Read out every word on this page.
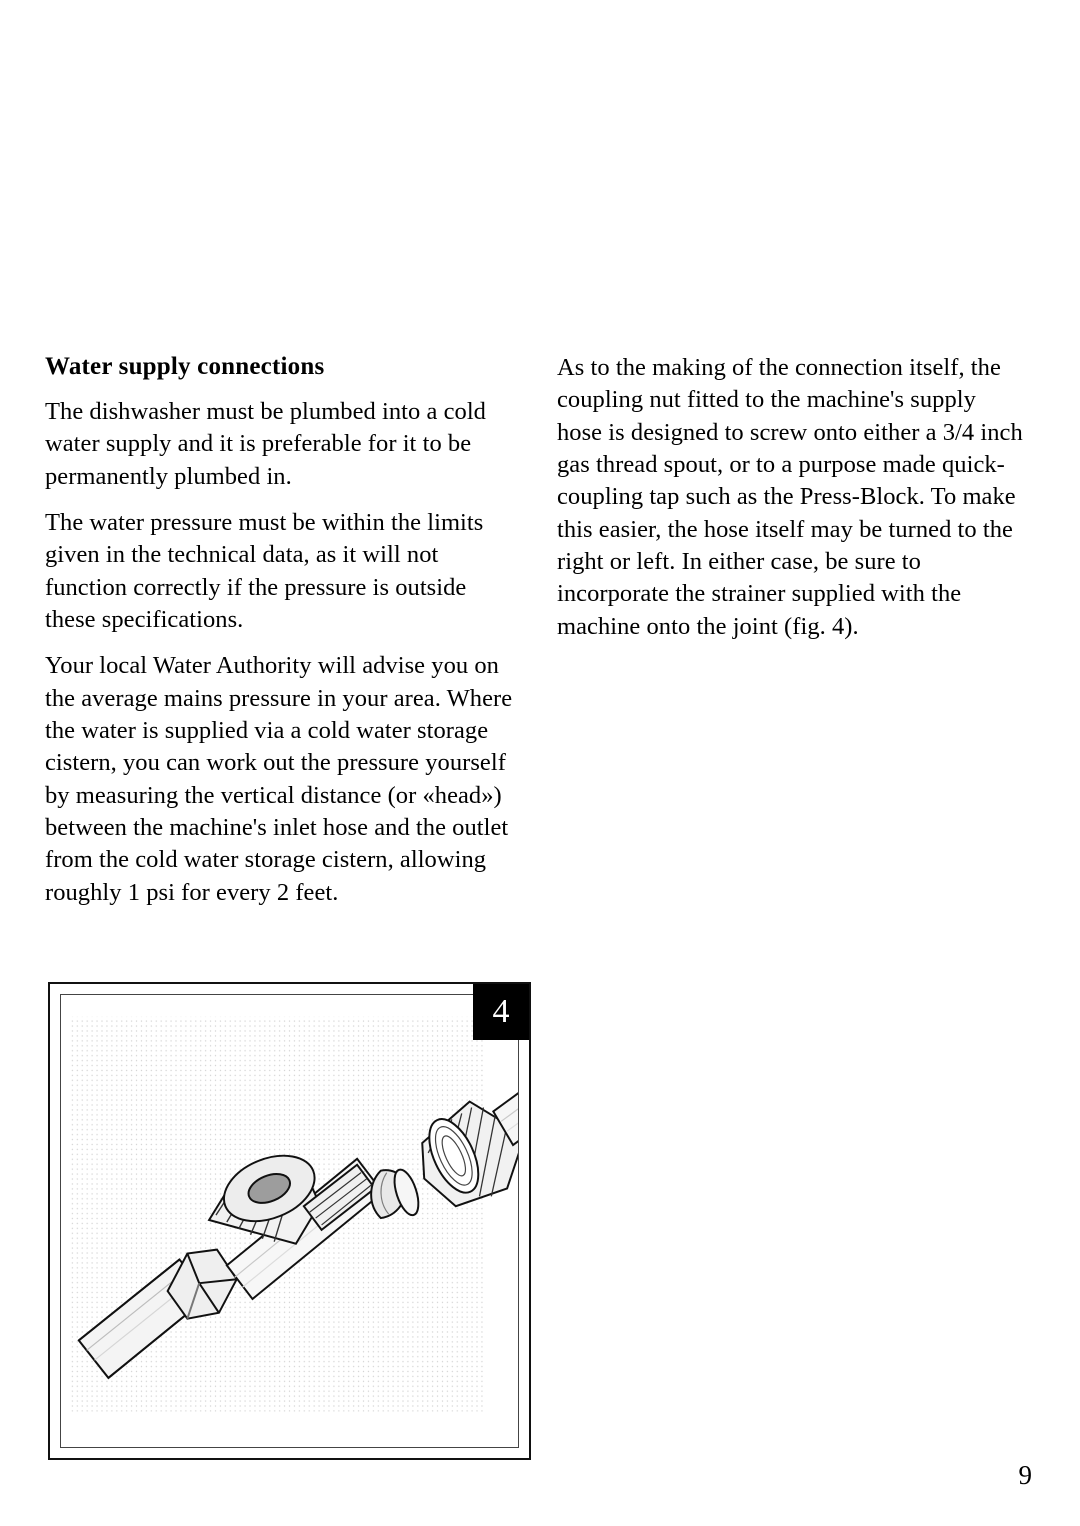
Water supply connections

The dishwasher must be plumbed into a cold water supply and it is preferable for it to be permanently plumbed in.

The water pressure must be within the limits given in the technical data, as it will not function correctly if the pressure is outside these specifications.

Your local Water Authority will advise you on the average mains pressure in your area. Where the water is supplied via a cold water storage cistern, you can work out the pressure yourself by measuring the vertical distance (or «head») between the machine's inlet hose and the outlet from the cold water storage cistern, allowing roughly 1 psi for every 2 feet.

As to the making of the connection itself, the coupling nut fitted to the machine's supply hose is designed to screw onto either a 3/4 inch gas thread spout, or to a purpose made quick-coupling tap such as the Press-Block. To make this easier, the hose itself may be turned to the right or left. In either case, be sure to incorporate the strainer supplied with the machine onto the joint (fig. 4).

4
9
